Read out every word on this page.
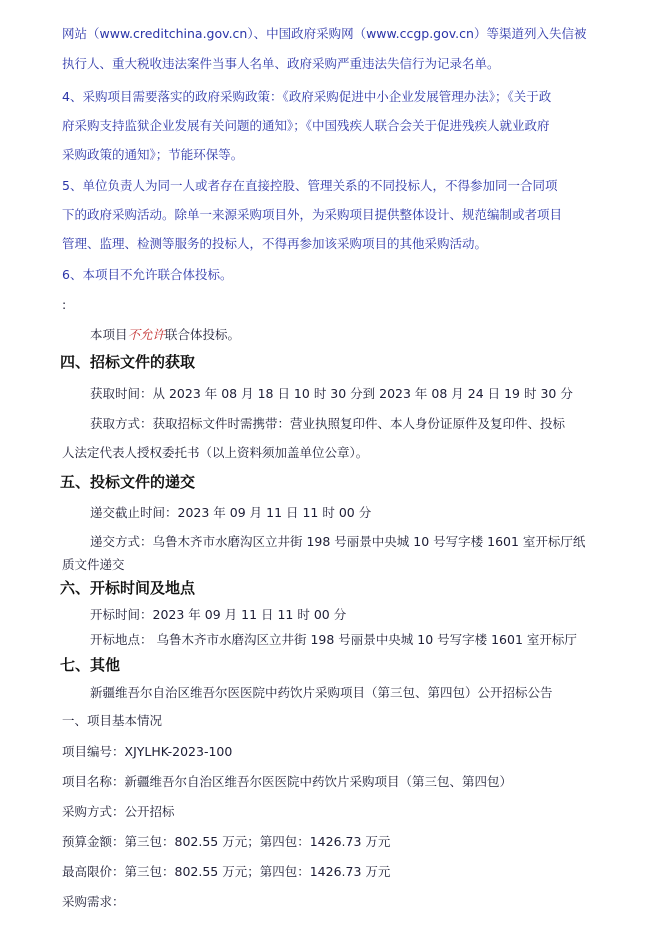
网站（www.creditchina.gov.cn）、中国政府采购网（www.ccgp.gov.cn）等渠道列入失信被
执行人、重大税收违法案件当事人名单、政府采购严重违法失信行为记录名单。
4、采购项目需要落实的政府采购政策：《政府采购促进中小企业发展管理办法》；《关于政
府采购支持监狱企业发展有关问题的通知》；《中国残疾人联合会关于促进残疾人就业政府
采购政策的通知》；节能环保等。
5、单位负责人为同一人或者存在直接控股、管理关系的不同投标人，不得参加同一合同项
下的政府采购活动。除单一来源采购项目外，为采购项目提供整体设计、规范编制或者项目
管理、监理、检测等服务的投标人，不得再参加该采购项目的其他采购活动。
6、本项目不允许联合体投标。
:
本项目不允许联合体投标。
四、招标文件的获取
获取时间：从 2023 年 08 月 18 日 10 时 30 分到 2023 年 08 月 24 日 19 时 30 分
获取方式：获取招标文件时需携带：营业执照复印件、本人身份证原件及复印件、投标
人法定代表人授权委托书（以上资料须加盖单位公章）。
五、投标文件的递交
递交截止时间：2023 年 09 月 11 日 11 时 00 分
递交方式：乌鲁木齐市水磨沟区立井街 198 号丽景中央城 10 号写字楼 1601 室开标厅纸
质文件递交
六、开标时间及地点
开标时间：2023 年 09 月 11 日 11 时 00 分
开标地点： 乌鲁木齐市水磨沟区立井街 198 号丽景中央城 10 号写字楼 1601 室开标厅
七、其他
新疆维吾尔自治区维吾尔医医院中药饮片采购项目（第三包、第四包）公开招标公告
一、项目基本情况
项目编号：XJYLHK-2023-100
项目名称：新疆维吾尔自治区维吾尔医医院中药饮片采购项目（第三包、第四包）
采购方式：公开招标
预算金额：第三包：802.55 万元；第四包：1426.73 万元
最高限价：第三包：802.55 万元；第四包：1426.73 万元
采购需求：
